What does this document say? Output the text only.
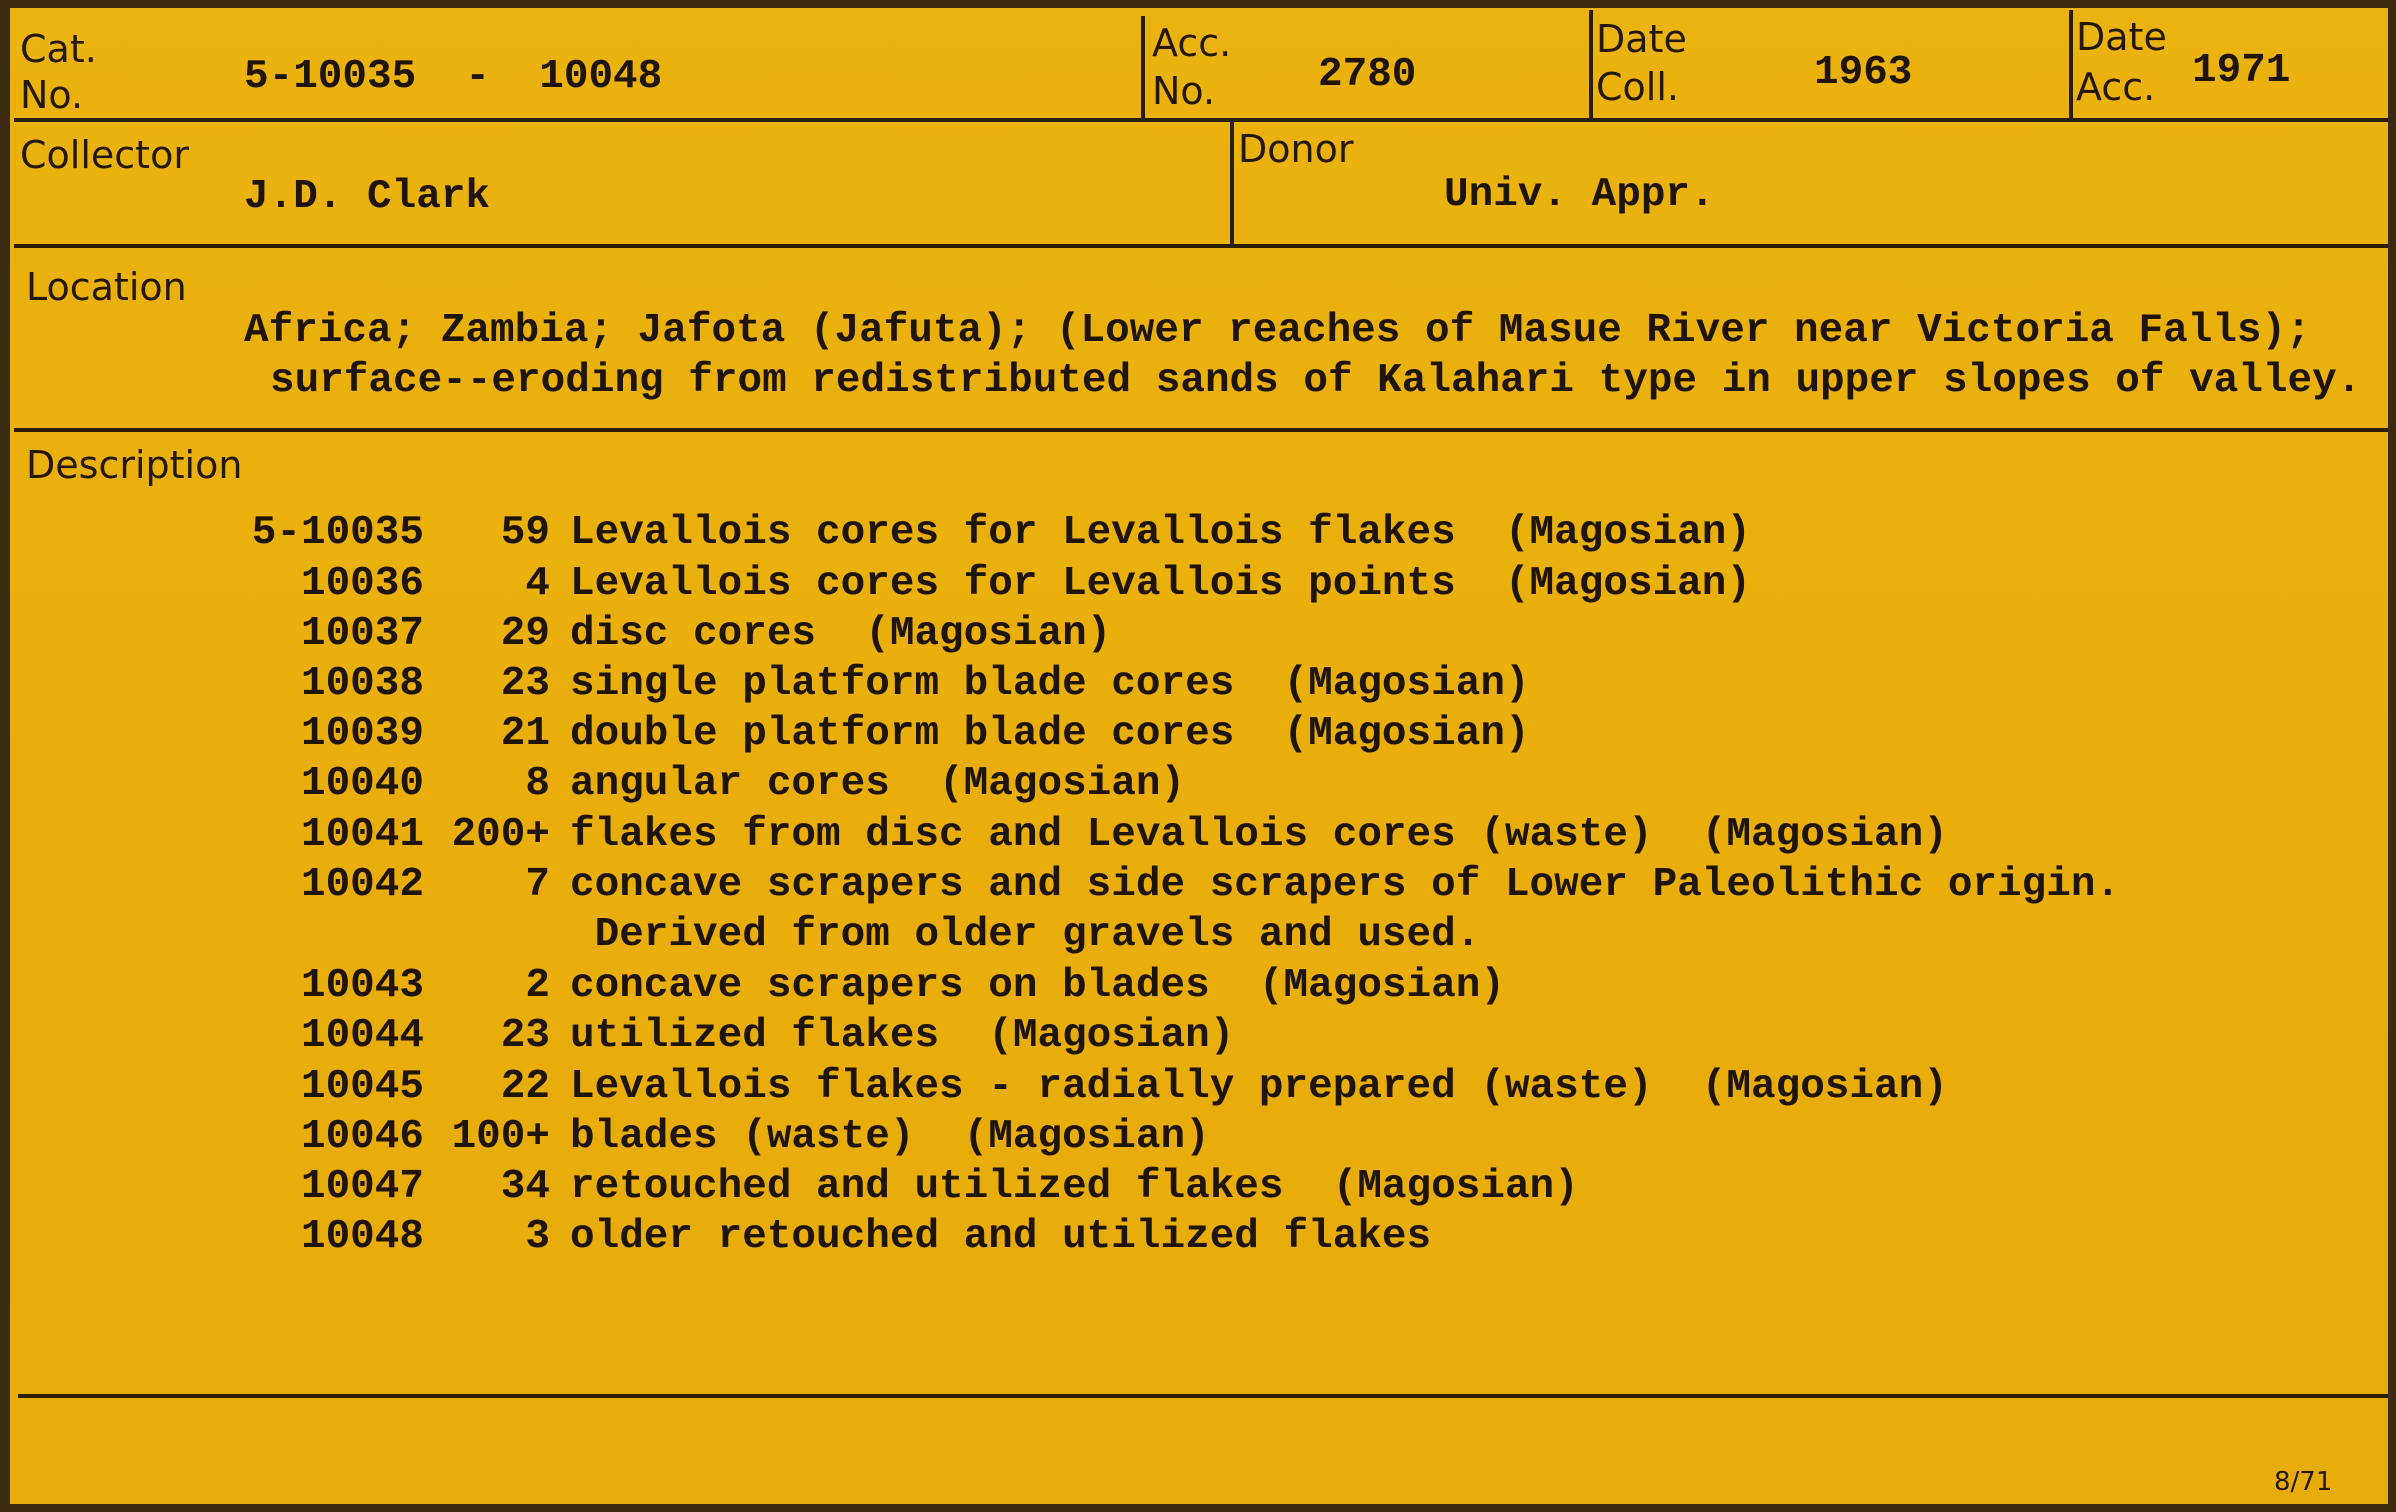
Cat.
No.	5-10035  -  10048
Acc.
No.	2780
Date
Coll.	1963
Date
Acc. 1971
Collector
J.D. Clark
Donor
Univ. Appr.
Location
Africa; Zambia; Jafota (Jafuta); (Lower reaches of Masue River near Victoria Falls);
surface--eroding from redistributed sands of Kalahari type in upper slopes of valley.
Description
5-10035 59 Levallois cores for Levallois flakes  (Magosian)
10036 4 Levallois cores for Levallois points  (Magosian)
10037 29 disc cores  (Magosian)
10038 23 single platform blade cores  (Magosian)
10039 21 double platform blade cores  (Magosian)
10040 8 angular cores  (Magosian)
10041 200+ flakes from disc and Levallois cores (waste)  (Magosian)
10042 7 concave scrapers and side scrapers of Lower Paleolithic origin.
Derived from older gravels and used.
10043 2 concave scrapers on blades  (Magosian)
10044 23 utilized flakes  (Magosian)
10045 22 Levallois flakes - radially prepared (waste)  (Magosian)
10046 100+ blades (waste)  (Magosian)
10047 34 retouched and utilized flakes  (Magosian)
10048 3 older retouched and utilized flakes
8/71
